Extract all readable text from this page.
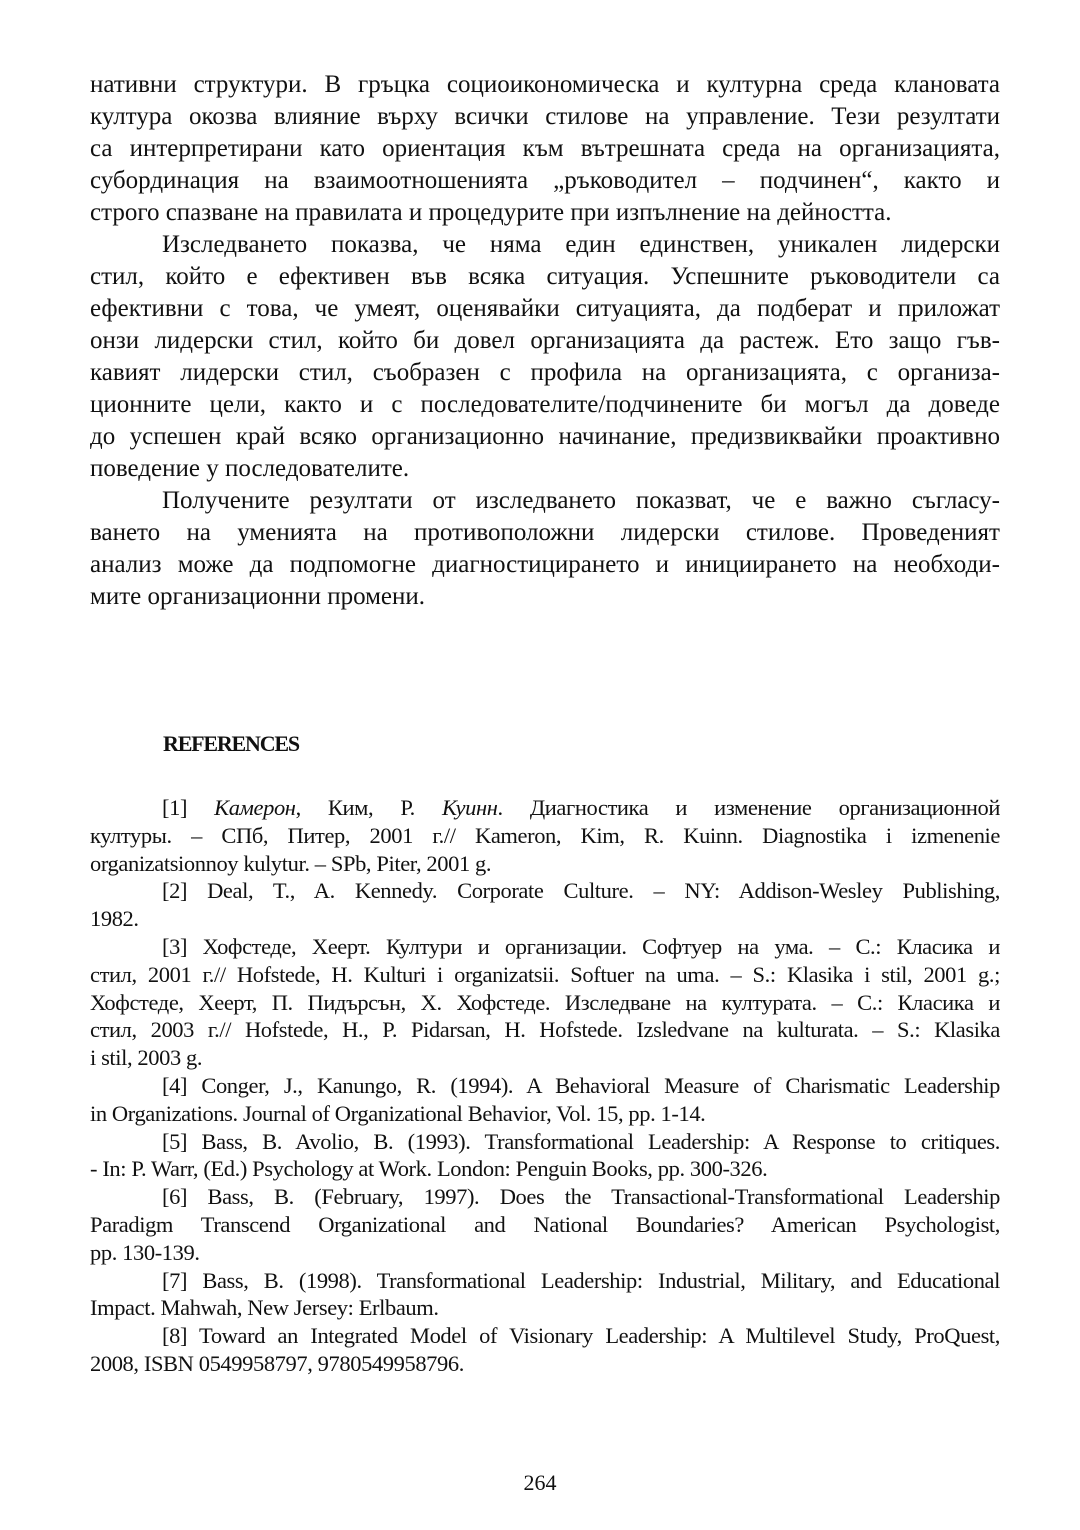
нативни структури. В гръцка социоикономическа и културна среда клановата
култура окозва влияние върху всички стилове на управление. Тези резултати
са интерпретирани като ориентация към вътрешната среда на организацията,
субординация на взаимоотношенията „ръководител – подчинен“, както и
строго спазване на правилата и процедурите при изпълнение на дейността.
Изследването показва, че няма един единствен, уникален лидерски
стил, който е ефективен във всяка ситуация. Успешните ръководители са
ефективни с това, че умеят, оценявайки ситуацията, да подберат и приложат
онзи лидерски стил, който би довел организацията да растеж. Ето защо гъв-
кавият лидерски стил, съобразен с профила на организацията, с организа-
ционните цели, както и с последователите/подчинените би могъл да доведе
до успешен край всяко организационно начинание, предизвиквайки проактивно
поведение у последователите.
Получените резултати от изследването показват, че е важно съгласу-
ването на уменията на противоположни лидерски стилове. Проведеният
анализ може да подпомогне диагностицирането и инициирането на необходи-
мите организационни промени.
REFERENCES
[1] Камерон, Ким, Р. Куинн. Диагностика и изменение организационной
културы. – СПб, Питер, 2001 г.// Kameron, Kim, R. Kuinn. Diagnostika i izmenenie
organizatsionnoy kulytur. – SPb, Piter, 2001 g.
[2] Deal, T., A. Kennedy. Corporate Culture. – NY: Addison-Wesley Publishing,
1982.
[3] Хофстеде, Хеерт. Култури и организации. Софтуер на ума. – С.: Класика и
стил, 2001 г.// Hofstede, H. Kulturi i organizatsii. Softuer na uma. – S.: Klasika i stil, 2001 g.;
Хофстеде, Хеерт, П. Пидърсън, Х. Хофстеде. Изследване на културата. – С.: Класика и
стил, 2003 г.// Hofstede, H., P. Pidarsan, H. Hofstede. Izsledvane na kulturata. – S.: Klasika
i stil, 2003 g.
[4] Conger, J., Kanungo, R. (1994). A Behavioral Measure of Charismatic Leadership
in Organizations. Journal of Organizational Behavior, Vol. 15, pp. 1-14.
[5] Bass, B. Avolio, B. (1993). Transformational Leadership: A Response to critiques.
- In: P. Warr, (Ed.) Psychology at Work. London: Penguin Books, pp. 300-326.
[6] Bass, B. (February, 1997). Does the Transactional-Transformational Leadership
Paradigm Transcend Organizational and National Boundaries? American Psychologist,
pp. 130-139.
[7] Bass, B. (1998). Transformational Leadership: Industrial, Military, and Educational
Impact. Mahwah, New Jersey: Erlbaum.
[8] Toward an Integrated Model of Visionary Leadership: A Multilevel Study, ProQuest,
2008, ISBN 0549958797, 9780549958796.
264
